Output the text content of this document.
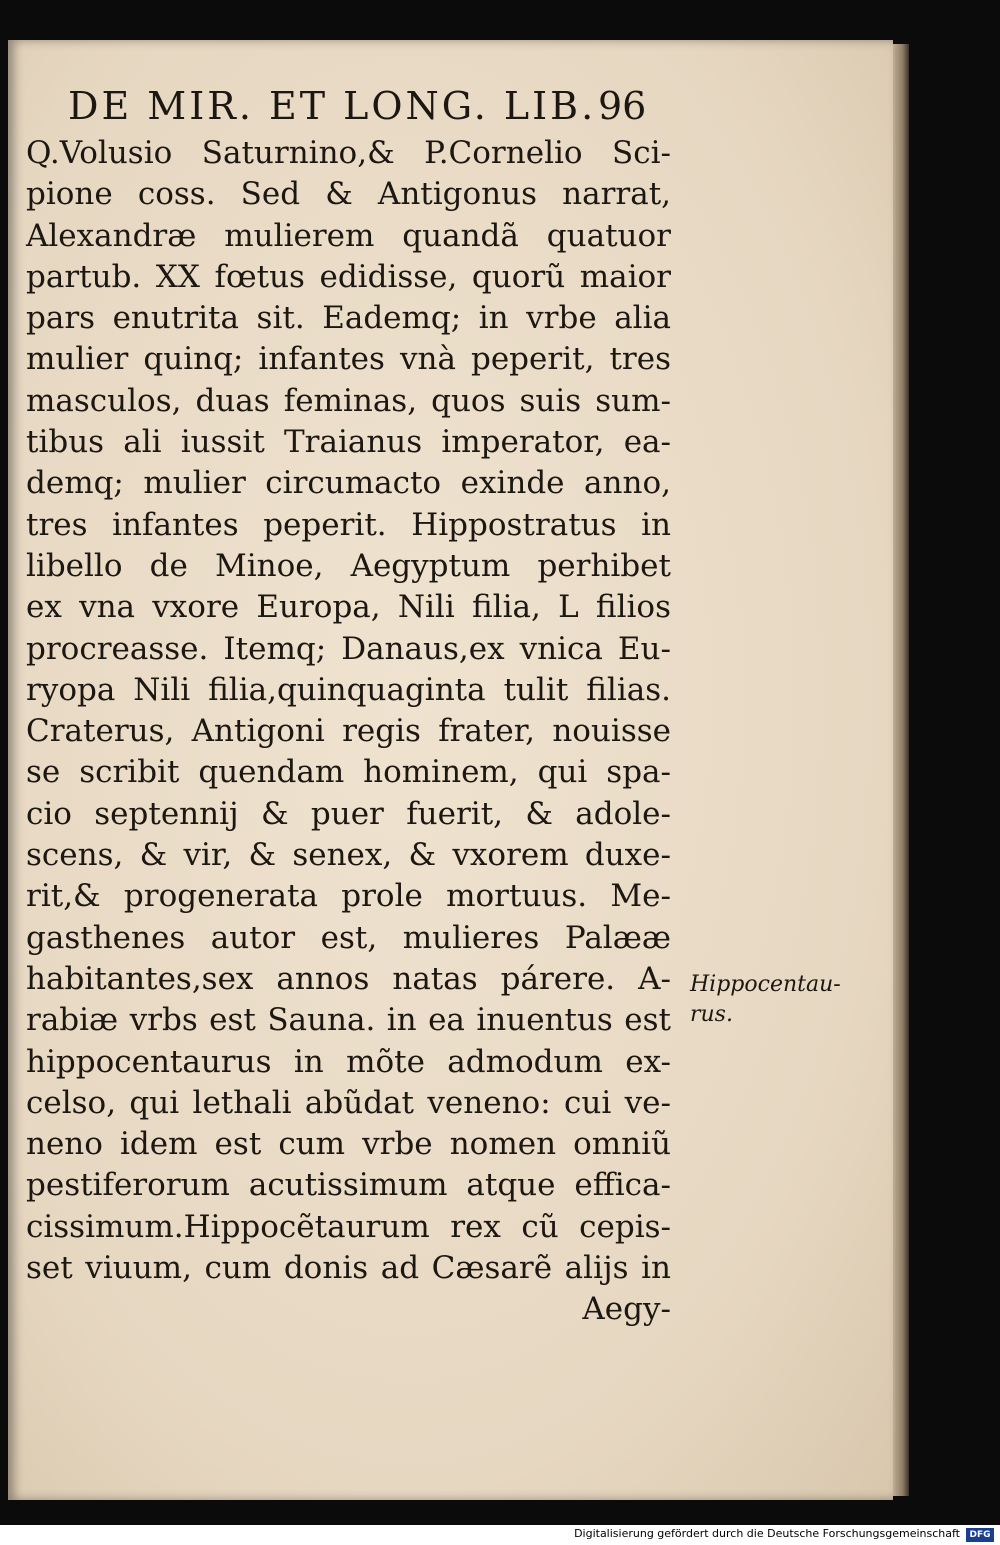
DE MIR. ET LONG. LIB. 96
Q.Volusio Saturnino,& P.Cornelio Sci-
pione coss. Sed & Antigonus narrat,
Alexandræ mulierem quandã quatuor
partub. XX fœtus edidisse, quorũ maior
pars enutrita sit. Eademq; in vrbe alia
mulier quinq; infantes vnà peperit, tres
masculos, duas feminas, quos suis sum-
tibus ali iussit Traianus imperator, ea-
demq; mulier circumacto exinde anno,
tres infantes peperit. Hippostratus in
libello de Minoe, Aegyptum perhibet
ex vna vxore Europa, Nili filia, L filios
procreasse. Itemq; Danaus,ex vnica Eu-
ryopa Nili filia,quinquaginta tulit filias.
Craterus, Antigoni regis frater, nouisse
se scribit quendam hominem, qui spa-
cio septennij & puer fuerit, & adole-
scens, & vir, & senex, & vxorem duxe-
rit,& progenerata prole mortuus. Me-
gasthenes autor est, mulieres Palææ
habitantes,sex annos natas párere. A-
rabiæ vrbs est Sauna. in ea inuentus est
hippocentaurus in mõte admodum ex-
celso, qui lethali abũdat veneno: cui ve-
neno idem est cum vrbe nomen omniũ
pestiferorum acutissimum atque effica-
cissimum.Hippocẽtaurum rex cũ cepis-
set viuum, cum donis ad Cæsarẽ alijs in
Aegy-
Hippocentau-
rus.
Digitalisierung gefördert durch die Deutsche Forschungsgemeinschaft	DFG
